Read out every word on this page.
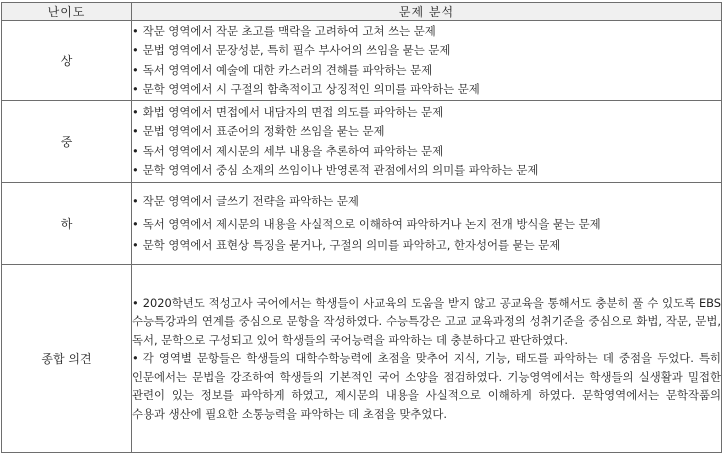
난이도	문제 분석
상	• 작문 영역에서 작문 초고를 맥락을 고려하여 고쳐 쓰는 문제
• 문법 영역에서 문장성분, 특히 필수 부사어의 쓰임을 묻는 문제
• 독서 영역에서 예술에 대한 카스러의 견해를 파악하는 문제
• 문학 영역에서 시 구절의 함축적이고 상징적인 의미를 파악하는 문제

중	• 화법 영역에서 면접에서 내담자의 면접 의도를 파악하는 문제
• 문법 영역에서 표준어의 정확한 쓰임을 묻는 문제
• 독서 영역에서 제시문의 세부 내용을 추론하여 파악하는 문제
• 문학 영역에서 중심 소재의 쓰임이나 반영론적 관점에서의 의미를 파악하는 문제

하	• 작문 영역에서 글쓰기 전략을 파악하는 문제
• 독서 영역에서 제시문의 내용을 사실적으로 이해하여 파악하거나 논지 전개 방식을 묻는 문제
• 문학 영역에서 표현상 특징을 묻거나, 구절의 의미를 파악하고, 한자성어를 묻는 문제

종합 의견	• 2020학년도 적성고사 국어에서는 학생들이 사교육의 도움을 받지 않고 공교육을 통해서도 충분히 풀 수 있도록 EBS 수능특강과의 연계를 중심으로 문항을 작성하였다. 수능특강은 고교 교육과정의 성취기준을 중심으로 화법, 작문, 문법, 독서, 문학으로 구성되고 있어 학생들의 국어능력을 파악하는 데 충분하다고 판단하였다.
• 각 영역별 문항들은 학생들의 대학수학능력에 초점을 맞추어 지식, 기능, 태도를 파악하는 데 중점을 두었다. 특히 인문에서는 문법을 강조하여 학생들의 기본적인 국어 소양을 점검하였다. 기능영역에서는 학생들의 실생활과 밀접한 관련이 있는 정보를 파악하게 하였고, 제시문의 내용을 사실적으로 이해하게 하였다. 문학영역에서는 문학작품의 수용과 생산에 필요한 소통능력을 파악하는 데 초점을 맞추었다.
